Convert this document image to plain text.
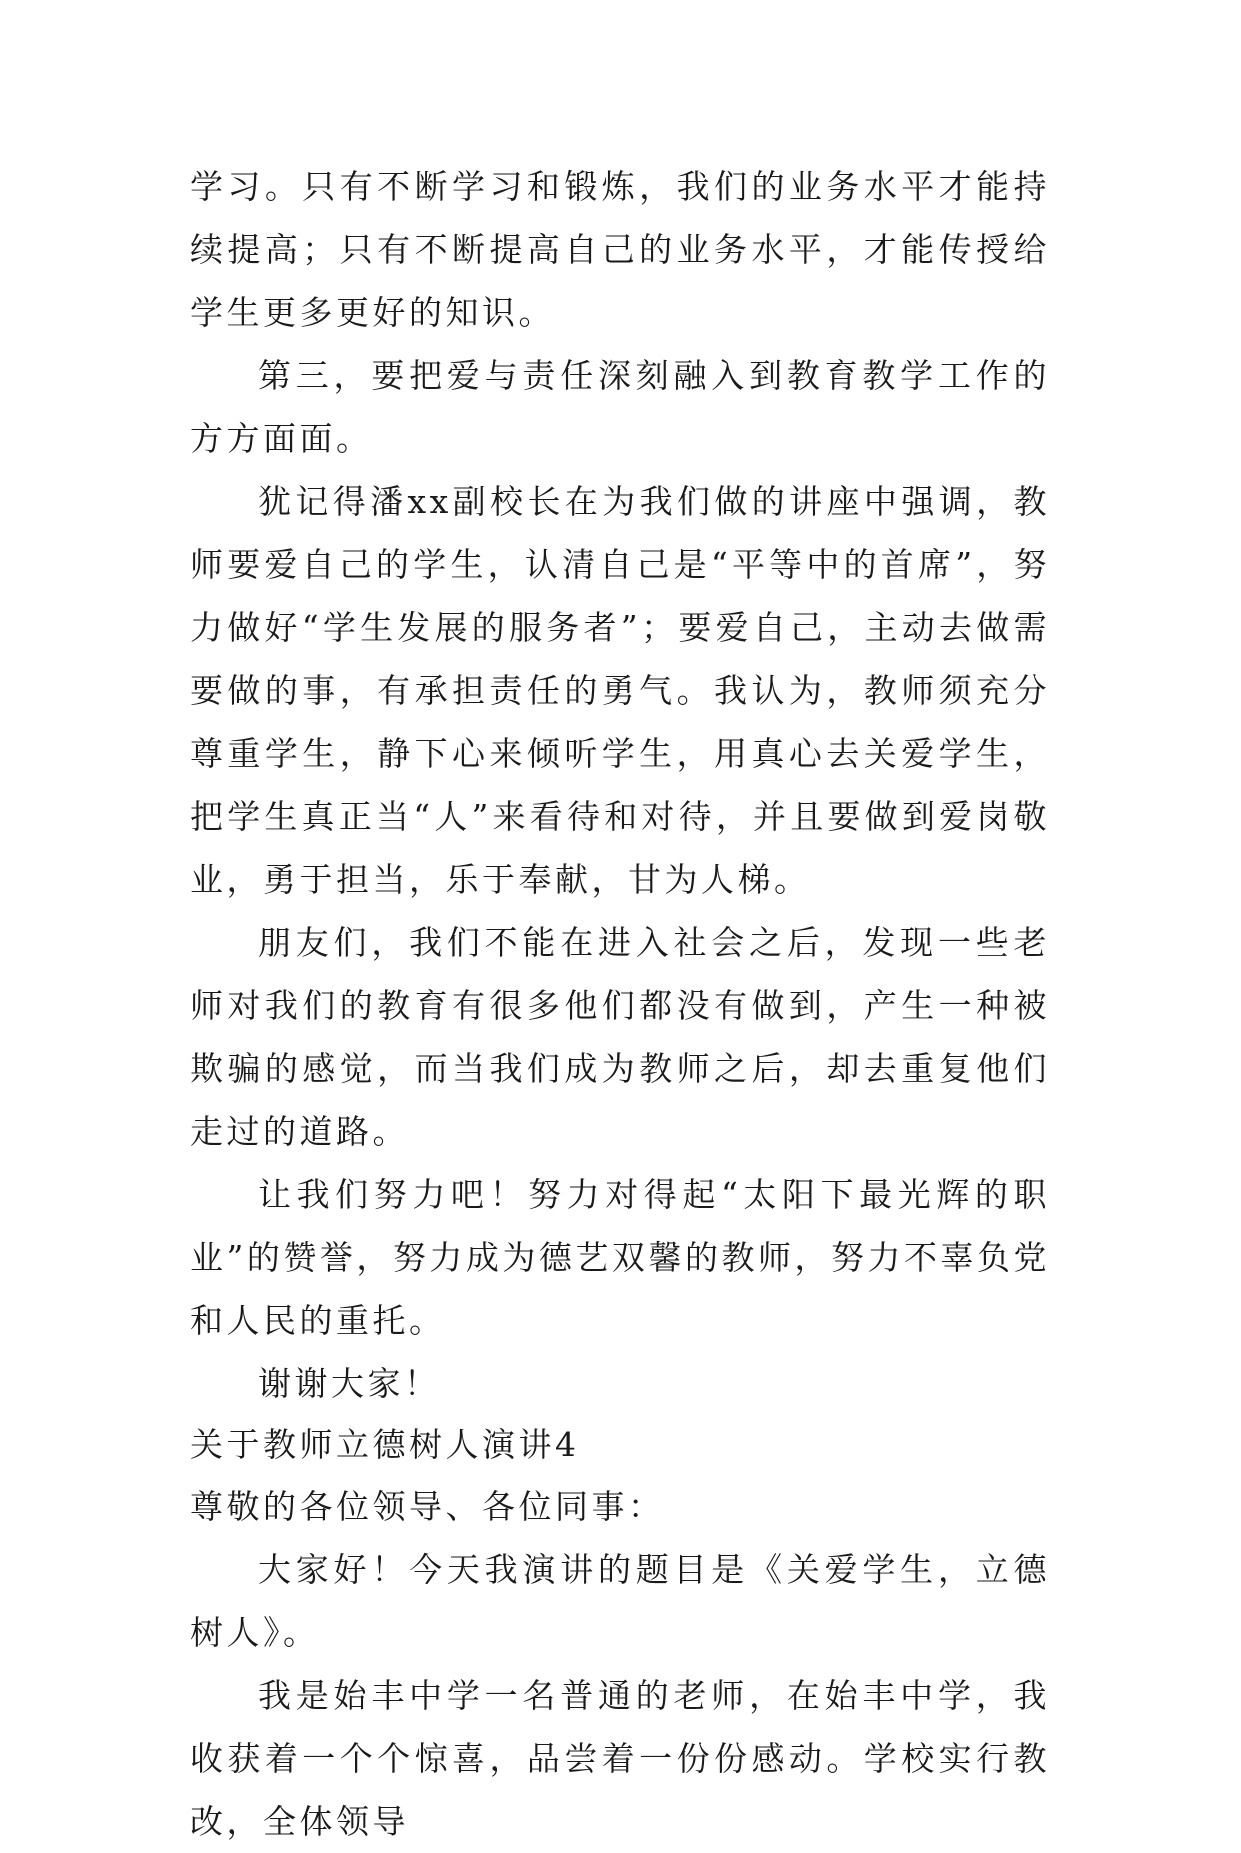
学习。只有不断学习和锻炼，我们的业务水平才能持续提高；只有不断提高自己的业务水平，才能传授给学生更多更好的知识。

第三，要把爱与责任深刻融入到教育教学工作的方方面面。

犹记得潘xx副校长在为我们做的讲座中强调，教师要爱自己的学生，认清自己是“平等中的首席”，努力做好“学生发展的服务者”；要爱自己，主动去做需要做的事，有承担责任的勇气。我认为，教师须充分尊重学生，静下心来倾听学生，用真心去关爱学生，把学生真正当“人”来看待和对待，并且要做到爱岗敬业，勇于担当，乐于奉献，甘为人梯。

朋友们，我们不能在进入社会之后，发现一些老师对我们的教育有很多他们都没有做到，产生一种被欺骗的感觉，而当我们成为教师之后，却去重复他们走过的道路。

让我们努力吧！努力对得起“太阳下最光辉的职业”的赞誉，努力成为德艺双馨的教师，努力不辜负党和人民的重托。

谢谢大家！

关于教师立德树人演讲4

尊敬的各位领导、各位同事：

大家好！今天我演讲的题目是《关爱学生，立德树人》。

我是始丰中学一名普通的老师，在始丰中学，我收获着一个个惊喜，品尝着一份份感动。学校实行教改，全体领导
